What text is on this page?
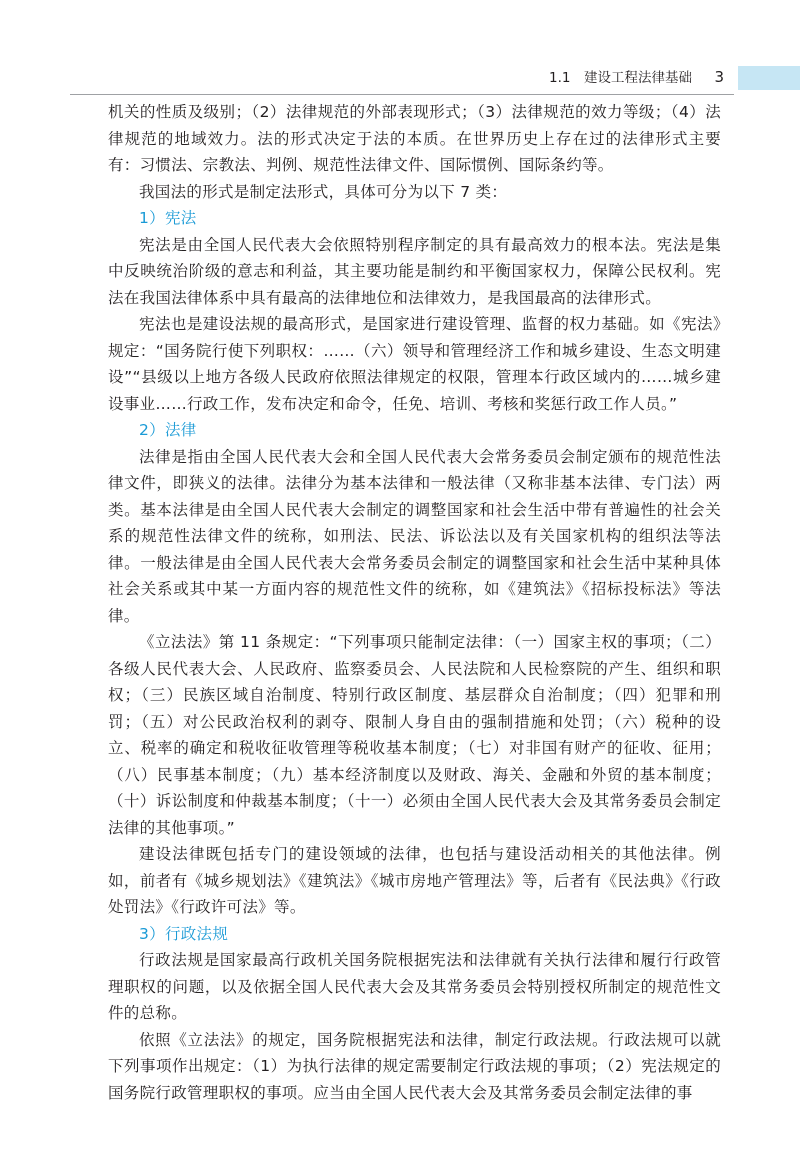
1.1　建设工程法律基础 3

机关的性质及级别；（2）法律规范的外部表现形式；（3）法律规范的效力等级；（4）法律规范的地域效力。法的形式决定于法的本质。在世界历史上存在过的法律形式主要有：习惯法、宗教法、判例、规范性法律文件、国际惯例、国际条约等。

我国法的形式是制定法形式，具体可分为以下 7 类：

1）宪法

宪法是由全国人民代表大会依照特别程序制定的具有最高效力的根本法。宪法是集中反映统治阶级的意志和利益，其主要功能是制约和平衡国家权力，保障公民权利。宪法在我国法律体系中具有最高的法律地位和法律效力，是我国最高的法律形式。

宪法也是建设法规的最高形式，是国家进行建设管理、监督的权力基础。如《宪法》规定：“国务院行使下列职权：……（六）领导和管理经济工作和城乡建设、生态文明建设”“县级以上地方各级人民政府依照法律规定的权限，管理本行政区域内的……城乡建设事业……行政工作，发布决定和命令，任免、培训、考核和奖惩行政工作人员。”

2）法律

法律是指由全国人民代表大会和全国人民代表大会常务委员会制定颁布的规范性法律文件，即狭义的法律。法律分为基本法律和一般法律（又称非基本法律、专门法）两类。基本法律是由全国人民代表大会制定的调整国家和社会生活中带有普遍性的社会关系的规范性法律文件的统称，如刑法、民法、诉讼法以及有关国家机构的组织法等法律。一般法律是由全国人民代表大会常务委员会制定的调整国家和社会生活中某种具体社会关系或其中某一方面内容的规范性文件的统称，如《建筑法》《招标投标法》等法律。

《立法法》第 11 条规定：“下列事项只能制定法律：（一）国家主权的事项；（二）各级人民代表大会、人民政府、监察委员会、人民法院和人民检察院的产生、组织和职权；（三）民族区域自治制度、特别行政区制度、基层群众自治制度；（四）犯罪和刑罚；（五）对公民政治权利的剥夺、限制人身自由的强制措施和处罚；（六）税种的设立、税率的确定和税收征收管理等税收基本制度；（七）对非国有财产的征收、征用；（八）民事基本制度；（九）基本经济制度以及财政、海关、金融和外贸的基本制度；（十）诉讼制度和仲裁基本制度；（十一）必须由全国人民代表大会及其常务委员会制定法律的其他事项。”

建设法律既包括专门的建设领域的法律，也包括与建设活动相关的其他法律。例如，前者有《城乡规划法》《建筑法》《城市房地产管理法》等，后者有《民法典》《行政处罚法》《行政许可法》等。

3）行政法规

行政法规是国家最高行政机关国务院根据宪法和法律就有关执行法律和履行行政管理职权的问题，以及依据全国人民代表大会及其常务委员会特别授权所制定的规范性文件的总称。

依照《立法法》的规定，国务院根据宪法和法律，制定行政法规。行政法规可以就下列事项作出规定：（1）为执行法律的规定需要制定行政法规的事项；（2）宪法规定的国务院行政管理职权的事项。应当由全国人民代表大会及其常务委员会制定法律的事
